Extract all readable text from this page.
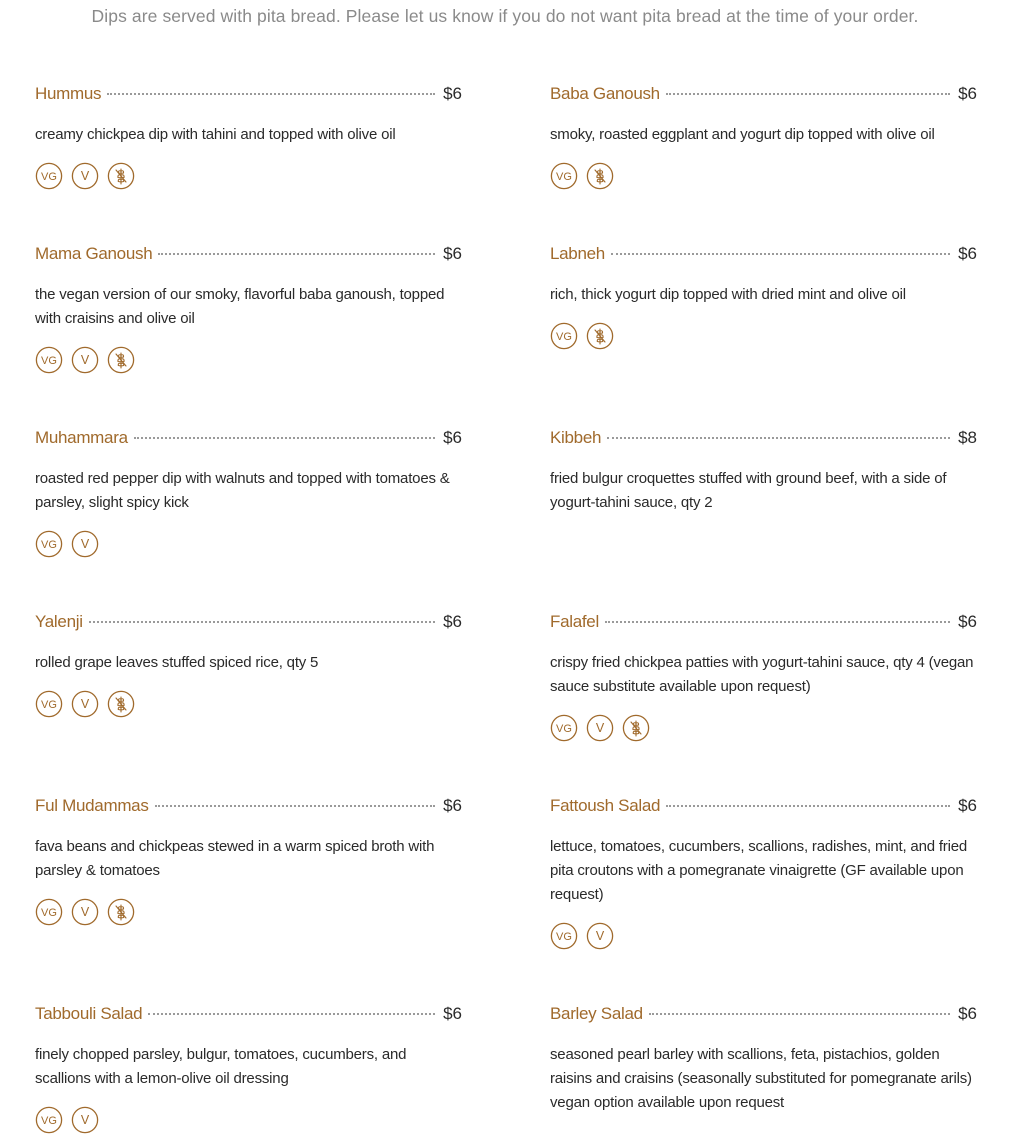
Dips are served with pita bread. Please let us know if you do not want pita bread at the time of your order.
Hummus	$6
creamy chickpea dip with tahini and topped with olive oil
VG V
Baba Ganoush	$6
smoky, roasted eggplant and yogurt dip topped with olive oil
VG
Mama Ganoush	$6
the vegan version of our smoky, flavorful baba ganoush, topped with craisins and olive oil
VG V
Labneh	$6
rich, thick yogurt dip topped with dried mint and olive oil
VG
Muhammara	$6
roasted red pepper dip with walnuts and topped with tomatoes & parsley, slight spicy kick
VG V
Kibbeh	$8
fried bulgur croquettes stuffed with ground beef, with a side of yogurt-tahini sauce, qty 2
Yalenji	$6
rolled grape leaves stuffed spiced rice, qty 5
VG V
Falafel	$6
crispy fried chickpea patties with yogurt-tahini sauce, qty 4 (vegan sauce substitute available upon request)
VG V
Ful Mudammas	$6
fava beans and chickpeas stewed in a warm spiced broth with parsley & tomatoes
VG V
Fattoush Salad	$6
lettuce, tomatoes, cucumbers, scallions, radishes, mint, and fried pita croutons with a pomegranate vinaigrette (GF available upon request)
VG V
Tabbouli Salad	$6
finely chopped parsley, bulgur, tomatoes, cucumbers, and scallions with a lemon-olive oil dressing
VG V
Barley Salad	$6
seasoned pearl barley with scallions, feta, pistachios, golden raisins and craisins (seasonally substituted for pomegranate arils) vegan option available upon request
